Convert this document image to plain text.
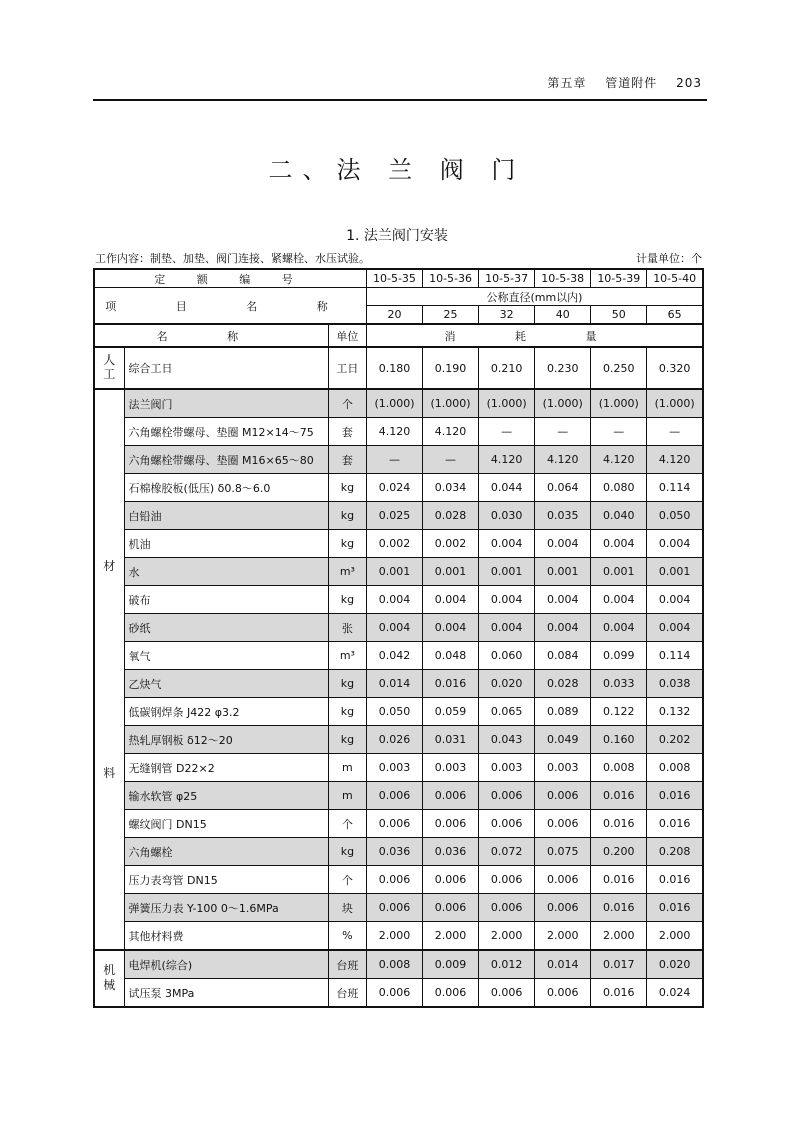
第五章 管道附件 203
二、法 兰 阀 门
1. 法兰阀门安装
工作内容：制垫、加垫、阀门连接、紧螺栓、水压试验。	计量单位：个
定 额 编 号			10-5-35	10-5-36	10-5-37	10-5-38	10-5-39	10-5-40
项 目 名 称			公称直径(mm以内)					
			20	25	32	40	50	65
名 称		单位	消 耗 量					
人工	综合工日	工日	0.180	0.190	0.210	0.230	0.250	0.320

材
料	法兰阀门	个	(1.000)	(1.000)	(1.000)	(1.000)	(1.000)	(1.000)
	六角螺栓带螺母、垫圈 M12×14～75	套	4.120	4.120	—	—	—	—
	六角螺栓带螺母、垫圈 M16×65～80	套	—	—	4.120	4.120	4.120	4.120
	石棉橡胶板(低压) δ0.8～6.0	kg	0.024	0.034	0.044	0.064	0.080	0.114
	白铅油	kg	0.025	0.028	0.030	0.035	0.040	0.050
	机油	kg	0.002	0.002	0.004	0.004	0.004	0.004
	水	m³	0.001	0.001	0.001	0.001	0.001	0.001
	破布	kg	0.004	0.004	0.004	0.004	0.004	0.004
	砂纸	张	0.004	0.004	0.004	0.004	0.004	0.004
	氧气	m³	0.042	0.048	0.060	0.084	0.099	0.114
	乙炔气	kg	0.014	0.016	0.020	0.028	0.033	0.038
	低碳钢焊条 J422 φ3.2	kg	0.050	0.059	0.065	0.089	0.122	0.132
	热轧厚钢板 δ12～20	kg	0.026	0.031	0.043	0.049	0.160	0.202
	无缝钢管 D22×2	m	0.003	0.003	0.003	0.003	0.008	0.008
	输水软管 φ25	m	0.006	0.006	0.006	0.006	0.016	0.016
	螺纹阀门 DN15	个	0.006	0.006	0.006	0.006	0.016	0.016
	六角螺栓	kg	0.036	0.036	0.072	0.075	0.200	0.208
	压力表弯管 DN15	个	0.006	0.006	0.006	0.006	0.016	0.016
	弹簧压力表 Y-100 0～1.6MPa	块	0.006	0.006	0.006	0.006	0.016	0.016
	其他材料费	%	2.000	2.000	2.000	2.000	2.000	2.000
机械	电焊机(综合)	台班	0.008	0.009	0.012	0.014	0.017	0.020
	试压泵 3MPa	台班	0.006	0.006	0.006	0.006	0.016	0.024
